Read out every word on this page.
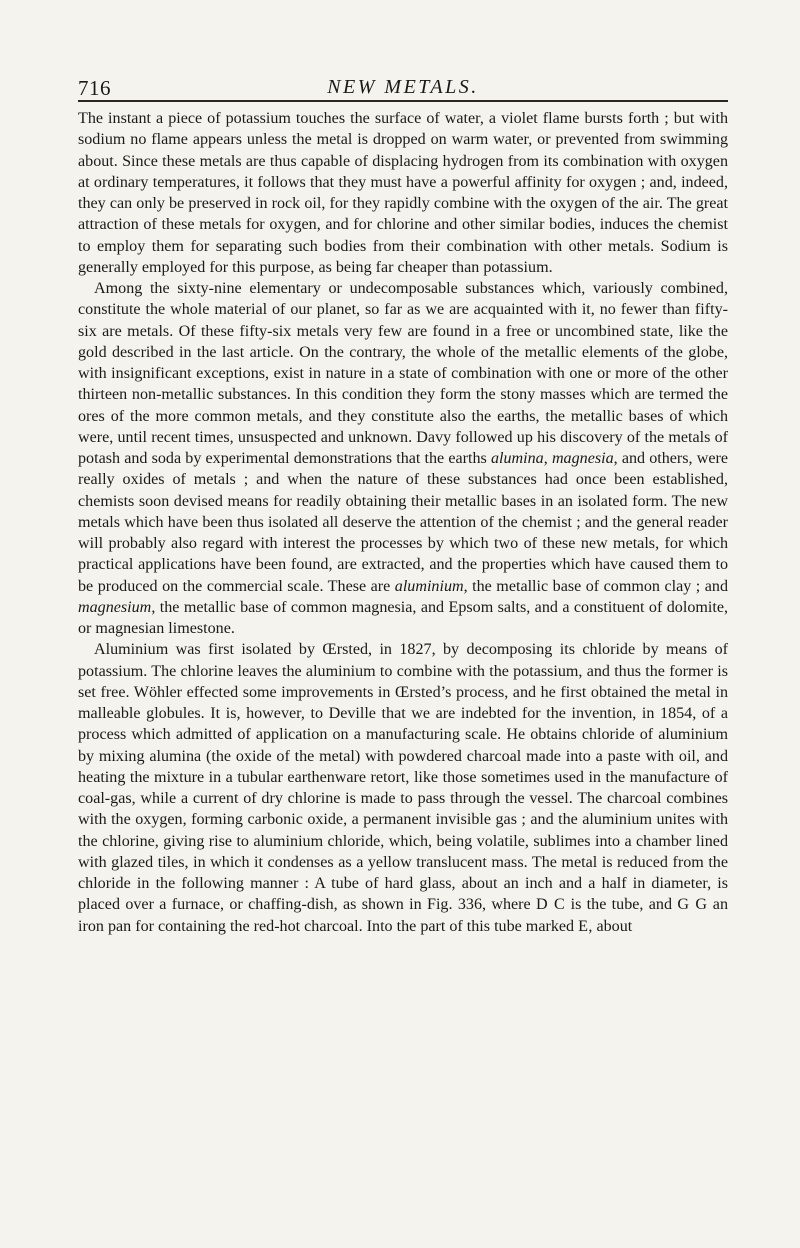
716	NEW METALS.

The instant a piece of potassium touches the surface of water, a violet flame bursts forth ; but with sodium no flame appears unless the metal is dropped on warm water, or prevented from swimming about. Since these metals are thus capable of displacing hydrogen from its combination with oxygen at ordinary temperatures, it follows that they must have a powerful affinity for oxygen ; and, indeed, they can only be preserved in rock oil, for they rapidly combine with the oxygen of the air. The great attraction of these metals for oxygen, and for chlorine and other similar bodies, induces the chemist to employ them for separating such bodies from their combination with other metals. Sodium is generally employed for this purpose, as being far cheaper than potassium.

Among the sixty-nine elementary or undecomposable substances which, variously combined, constitute the whole material of our planet, so far as we are acquainted with it, no fewer than fifty-six are metals. Of these fifty-six metals very few are found in a free or uncombined state, like the gold described in the last article. On the contrary, the whole of the metallic elements of the globe, with insignificant exceptions, exist in nature in a state of combination with one or more of the other thirteen non-metallic substances. In this condition they form the stony masses which are termed the ores of the more common metals, and they constitute also the earths, the metallic bases of which were, until recent times, unsuspected and unknown. Davy followed up his discovery of the metals of potash and soda by experimental demonstrations that the earths alumina, magnesia, and others, were really oxides of metals ; and when the nature of these substances had once been established, chemists soon devised means for readily obtaining their metallic bases in an isolated form. The new metals which have been thus isolated all deserve the attention of the chemist ; and the general reader will probably also regard with interest the processes by which two of these new metals, for which practical applications have been found, are extracted, and the properties which have caused them to be produced on the commercial scale. These are aluminium, the metallic base of common clay ; and magnesium, the metallic base of common magnesia, and Epsom salts, and a constituent of dolomite, or magnesian limestone.

Aluminium was first isolated by Œrsted, in 1827, by decomposing its chloride by means of potassium. The chlorine leaves the aluminium to combine with the potassium, and thus the former is set free. Wöhler effected some improvements in Œrsted’s process, and he first obtained the metal in malleable globules. It is, however, to Deville that we are indebted for the invention, in 1854, of a process which admitted of application on a manufacturing scale. He obtains chloride of aluminium by mixing alumina (the oxide of the metal) with powdered charcoal made into a paste with oil, and heating the mixture in a tubular earthenware retort, like those sometimes used in the manufacture of coal-gas, while a current of dry chlorine is made to pass through the vessel. The charcoal combines with the oxygen, forming carbonic oxide, a permanent invisible gas ; and the aluminium unites with the chlorine, giving rise to aluminium chloride, which, being volatile, sublimes into a chamber lined with glazed tiles, in which it condenses as a yellow translucent mass. The metal is reduced from the chloride in the following manner : A tube of hard glass, about an inch and a half in diameter, is placed over a furnace, or chaffing-dish, as shown in Fig. 336, where D C is the tube, and G G an iron pan for containing the red-hot charcoal. Into the part of this tube marked E, about
